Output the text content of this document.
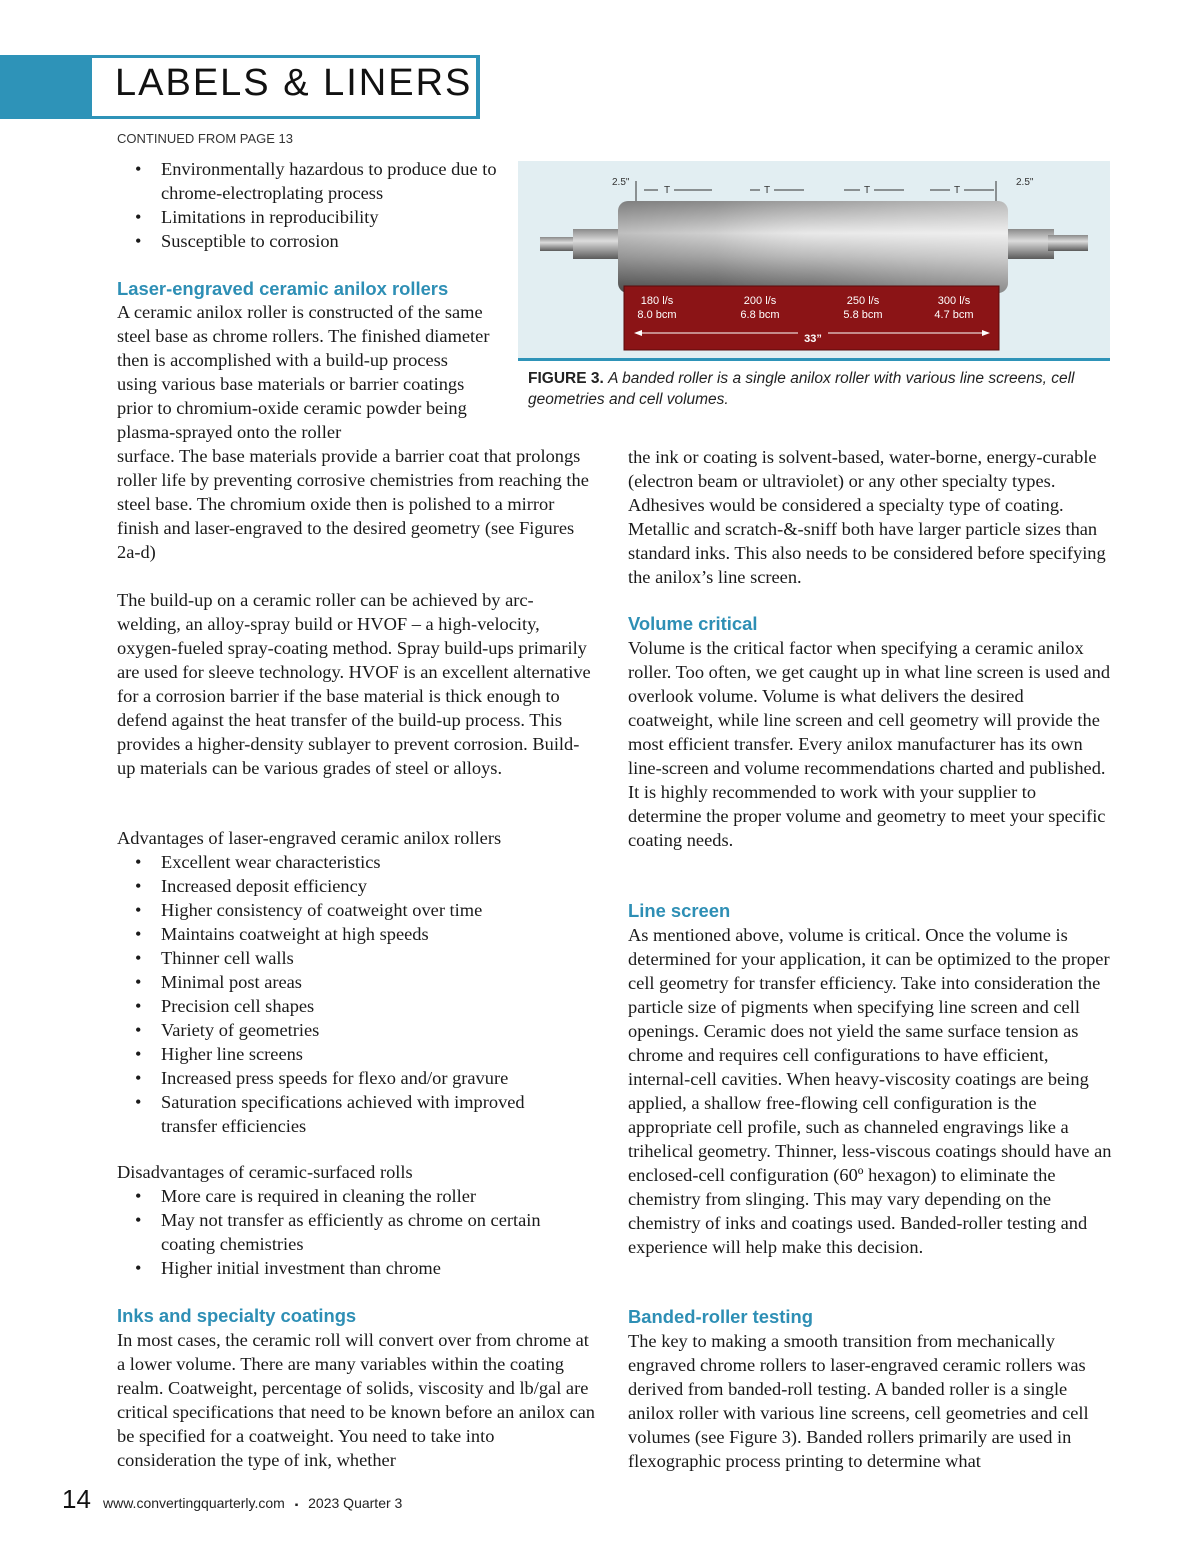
LABELS & LINERS
CONTINUED FROM PAGE 13
• Environmentally hazardous to produce due to chrome-electroplating process
• Limitations in reproducibility
• Susceptible to corrosion
Laser-engraved ceramic anilox rollers
A ceramic anilox roller is constructed of the same steel base as chrome rollers. The finished diameter then is accomplished with a build-up process using various base materials or barrier coatings prior to chromium-oxide ceramic powder being plasma-sprayed onto the roller
surface. The base materials provide a barrier coat that prolongs roller life by preventing corrosive chemistries from reaching the steel base. The chromium oxide then is polished to a mirror finish and laser-engraved to the desired geometry (see Figures 2a-d)
The build-up on a ceramic roller can be achieved by arc-welding, an alloy-spray build or HVOF – a high-velocity, oxygen-fueled spray-coating method. Spray build-ups primarily are used for sleeve technology. HVOF is an excellent alternative for a corrosion barrier if the base material is thick enough to defend against the heat transfer of the build-up process. This provides a higher-density sublayer to prevent corrosion. Build-up materials can be various grades of steel or alloys.
Advantages of laser-engraved ceramic anilox rollers
• Excellent wear characteristics
• Increased deposit efficiency
• Higher consistency of coatweight over time
• Maintains coatweight at high speeds
• Thinner cell walls
• Minimal post areas
• Precision cell shapes
• Variety of geometries
• Higher line screens
• Increased press speeds for flexo and/or gravure
• Saturation specifications achieved with improved transfer efficiencies
Disadvantages of ceramic-surfaced rolls
• More care is required in cleaning the roller
• May not transfer as efficiently as chrome on certain coating chemistries
• Higher initial investment than chrome
Inks and specialty coatings
In most cases, the ceramic roll will convert over from chrome at a lower volume. There are many variables within the coating realm. Coatweight, percentage of solids, viscosity and lb/gal are critical specifications that need to be known before an anilox can be specified for a coatweight. You need to take into consideration the type of ink, whether
2.5"	2.5"
T	T	T	T
180 l/s
8.0 bcm
200 l/s
6.8 bcm
250 l/s
5.8 bcm
300 l/s
4.7 bcm
33”
FIGURE 3. A banded roller is a single anilox roller with various line screens, cell geometries and cell volumes.
the ink or coating is solvent-based, water-borne, energy-curable (electron beam or ultraviolet) or any other specialty types. Adhesives would be considered a specialty type of coating. Metallic and scratch-&-sniff both have larger particle sizes than standard inks. This also needs to be considered before specifying the anilox’s line screen.
Volume critical
Volume is the critical factor when specifying a ceramic anilox roller. Too often, we get caught up in what line screen is used and overlook volume. Volume is what delivers the desired coatweight, while line screen and cell geometry will provide the most efficient transfer. Every anilox manufacturer has its own line-screen and volume recommendations charted and published. It is highly recommended to work with your supplier to determine the proper volume and geometry to meet your specific coating needs.
Line screen
As mentioned above, volume is critical. Once the volume is determined for your application, it can be optimized to the proper cell geometry for transfer efficiency. Take into consideration the particle size of pigments when specifying line screen and cell openings. Ceramic does not yield the same surface tension as chrome and requires cell configurations to have efficient, internal-cell cavities. When heavy-viscosity coatings are being applied, a shallow free-flowing cell configuration is the appropriate cell profile, such as channeled engravings like a trihelical geometry. Thinner, less-viscous coatings should have an enclosed-cell configuration (60º hexagon) to eliminate the chemistry from slinging. This may vary depending on the chemistry of inks and coatings used. Banded-roller testing and experience will help make this decision.
Banded-roller testing
The key to making a smooth transition from mechanically engraved chrome rollers to laser-engraved ceramic rollers was derived from banded-roll testing. A banded roller is a single anilox roller with various line screens, cell geometries and cell volumes (see Figure 3). Banded rollers primarily are used in flexographic process printing to determine what
14 www.convertingquarterly.com ▪ 2023 Quarter 3
